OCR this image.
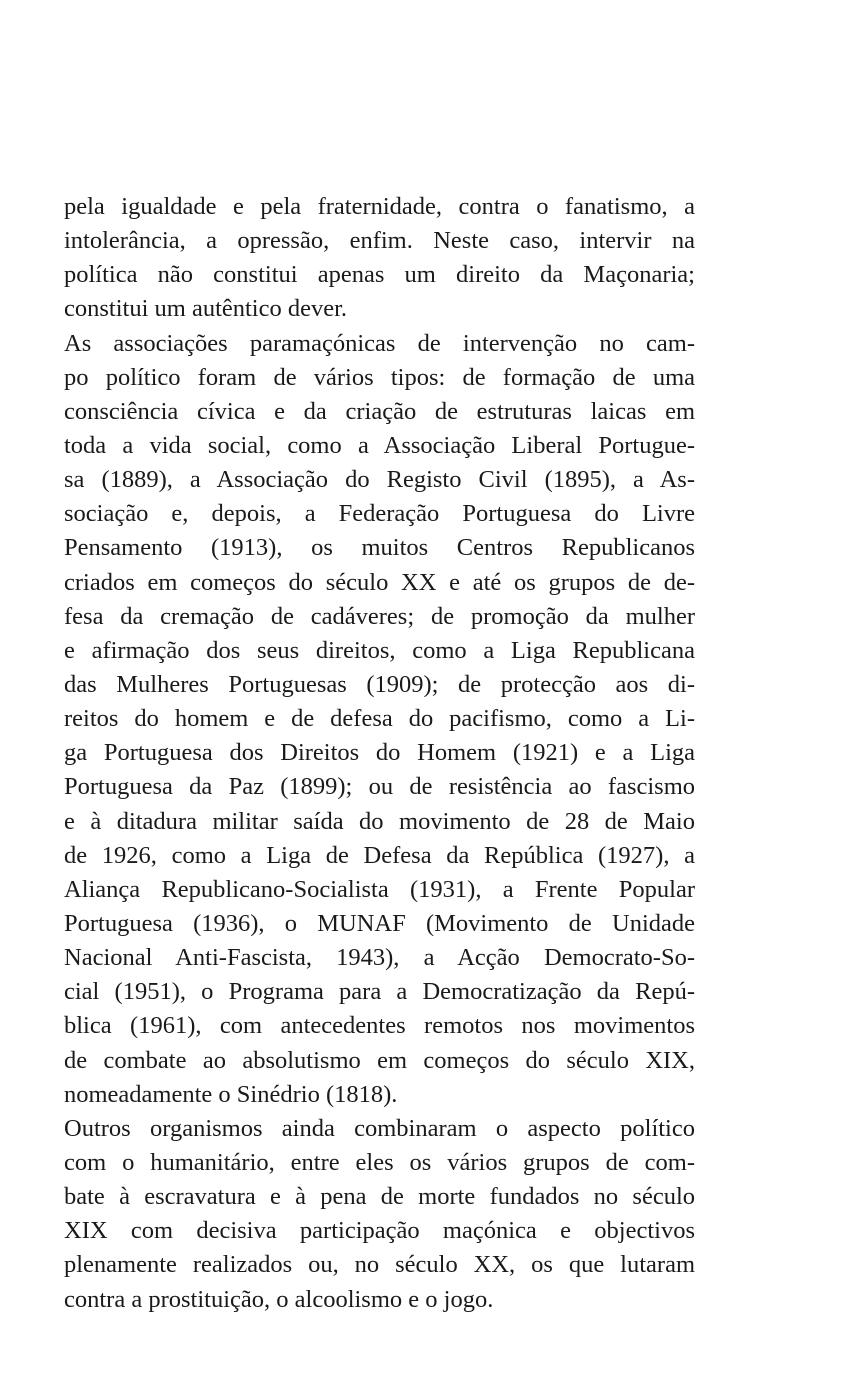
pela igualdade e pela fraternidade, contra o fanatismo, a
intolerância, a opressão, enfim. Neste caso, intervir na
política não constitui apenas um direito da Maçonaria;
constitui um autêntico dever.
As associações paramaçónicas de intervenção no cam-
po político foram de vários tipos: de formação de uma
consciência cívica e da criação de estruturas laicas em
toda a vida social, como a Associação Liberal Portugue-
sa (1889), a Associação do Registo Civil (1895), a As-
sociação e, depois, a Federação Portuguesa do Livre
Pensamento (1913), os muitos Centros Republicanos
criados em começos do século XX e até os grupos de de-
fesa da cremação de cadáveres; de promoção da mulher
e afirmação dos seus direitos, como a Liga Republicana
das Mulheres Portuguesas (1909); de protecção aos di-
reitos do homem e de defesa do pacifismo, como a Li-
ga Portuguesa dos Direitos do Homem (1921) e a Liga
Portuguesa da Paz (1899); ou de resistência ao fascismo
e à ditadura militar saída do movimento de 28 de Maio
de 1926, como a Liga de Defesa da República (1927), a
Aliança Republicano-Socialista (1931), a Frente Popular
Portuguesa (1936), o MUNAF (Movimento de Unidade
Nacional Anti-Fascista, 1943), a Acção Democrato-So-
cial (1951), o Programa para a Democratização da Repú-
blica (1961), com antecedentes remotos nos movimentos
de combate ao absolutismo em começos do século XIX,
nomeadamente o Sinédrio (1818).
Outros organismos ainda combinaram o aspecto político
com o humanitário, entre eles os vários grupos de com-
bate à escravatura e à pena de morte fundados no século
XIX com decisiva participação maçónica e objectivos
plenamente realizados ou, no século XX, os que lutaram
contra a prostituição, o alcoolismo e o jogo.
